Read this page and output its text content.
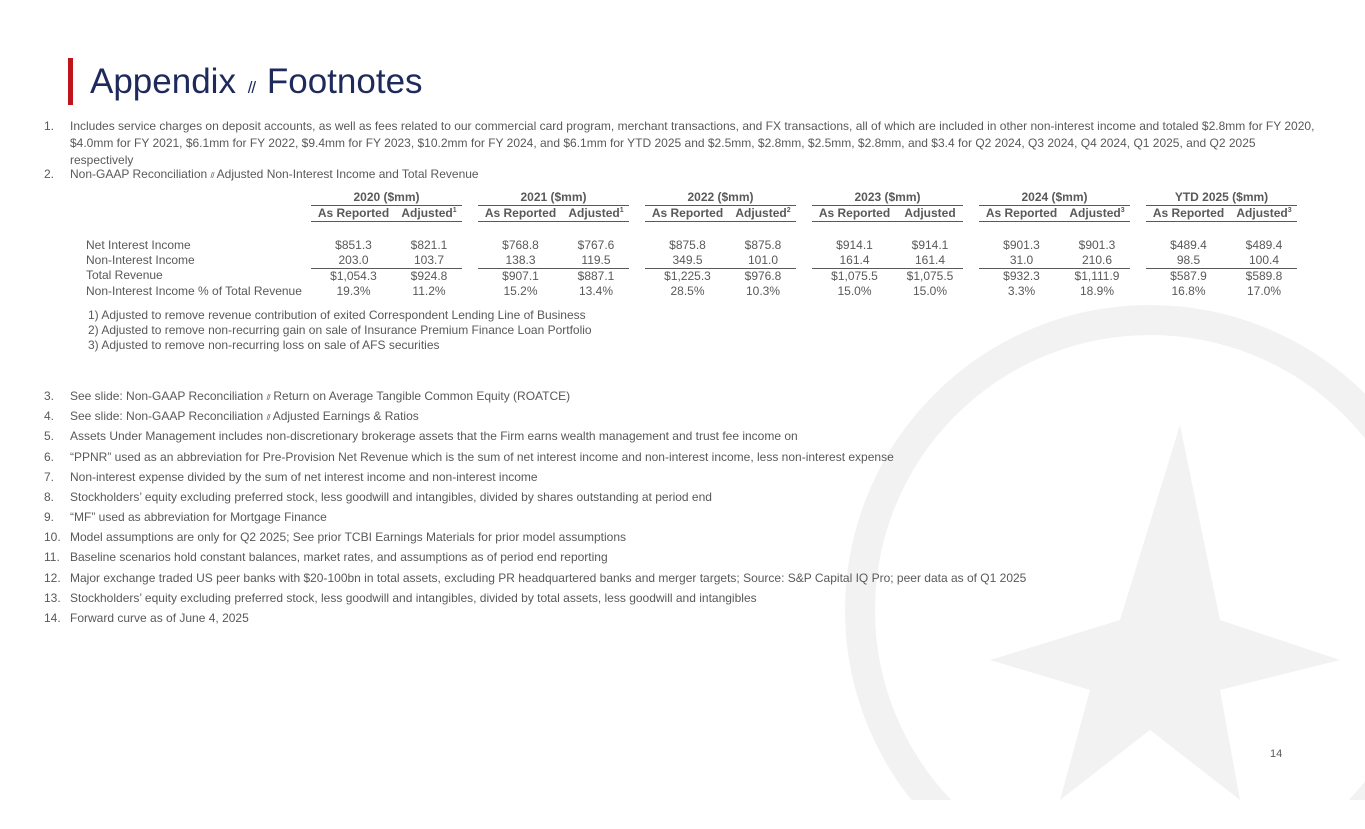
Appendix // Footnotes
1. Includes service charges on deposit accounts, as well as fees related to our commercial card program, merchant transactions, and FX transactions, all of which are included in other non-interest income and totaled $2.8mm for FY 2020, $4.0mm for FY 2021, $6.1mm for FY 2022, $9.4mm for FY 2023, $10.2mm for FY 2024, and $6.1mm for YTD 2025 and $2.5mm, $2.8mm, $2.5mm, $2.8mm, and $3.4 for Q2 2024, Q3 2024, Q4 2024, Q1 2025, and Q2 2025 respectively
2. Non-GAAP Reconciliation // Adjusted Non-Interest Income and Total Revenue
	2020 ($mm)			2021 ($mm)			2022 ($mm)			2023 ($mm)			2024 ($mm)			YTD 2025 ($mm)	
	As Reported	Adjusted$^1$		As Reported	Adjusted$^1$		As Reported	Adjusted$^2$		As Reported	Adjusted		As Reported	Adjusted$^3$		As Reported	Adjusted$^3$

Net Interest Income	$851.3	$821.1		$768.8	$767.6		$875.8	$875.8		$914.1	$914.1		$901.3	$901.3		$489.4	$489.4
Non-Interest Income	203.0	103.7		138.3	119.5		349.5	101.0		161.4	161.4		31.0	210.6		98.5	100.4
Total Revenue	$1,054.3	$924.8		$907.1	$887.1		$1,225.3	$976.8		$1,075.5	$1,075.5		$932.3	$1,111.9		$587.9	$589.8
Non-Interest Income % of Total Revenue	19.3%	11.2%		15.2%	13.4%		28.5%	10.3%		15.0%	15.0%		3.3%	18.9%		16.8%	17.0%
1) Adjusted to remove revenue contribution of exited Correspondent Lending Line of Business
2) Adjusted to remove non-recurring gain on sale of Insurance Premium Finance Loan Portfolio
3) Adjusted to remove non-recurring loss on sale of AFS securities
3. See slide: Non-GAAP Reconciliation // Return on Average Tangible Common Equity (ROATCE)
4. See slide: Non-GAAP Reconciliation // Adjusted Earnings & Ratios
5. Assets Under Management includes non-discretionary brokerage assets that the Firm earns wealth management and trust fee income on
6. “PPNR” used as an abbreviation for Pre-Provision Net Revenue which is the sum of net interest income and non-interest income, less non-interest expense
7. Non-interest expense divided by the sum of net interest income and non-interest income
8. Stockholders’ equity excluding preferred stock, less goodwill and intangibles, divided by shares outstanding at period end
9. “MF” used as abbreviation for Mortgage Finance
10. Model assumptions are only for Q2 2025; See prior TCBI Earnings Materials for prior model assumptions
11. Baseline scenarios hold constant balances, market rates, and assumptions as of period end reporting
12. Major exchange traded US peer banks with $20-100bn in total assets, excluding PR headquartered banks and merger targets; Source: S&P Capital IQ Pro; peer data as of Q1 2025
13. Stockholders’ equity excluding preferred stock, less goodwill and intangibles, divided by total assets, less goodwill and intangibles
14. Forward curve as of June 4, 2025
14
